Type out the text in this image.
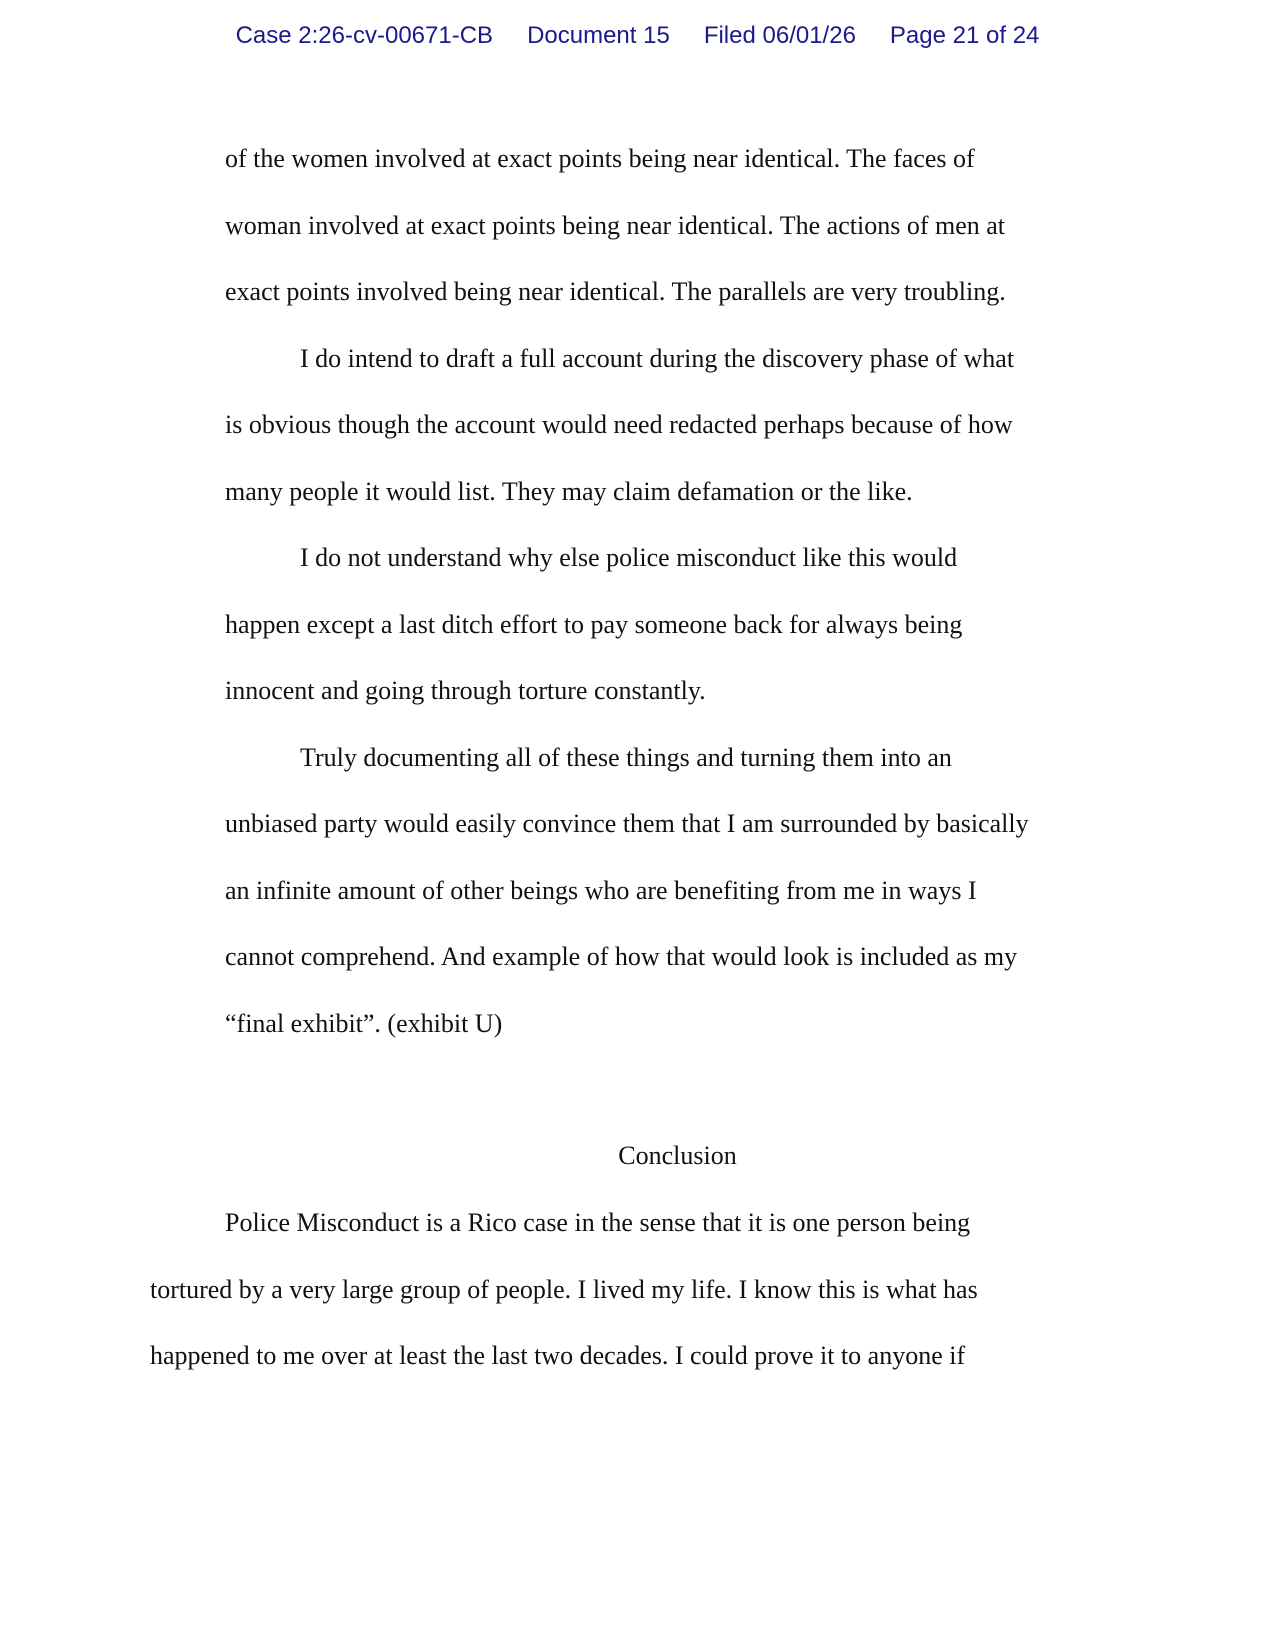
Case 2:26-cv-00671-CB Document 15 Filed 06/01/26 Page 21 of 24
of the women involved at exact points being near identical. The faces of
woman involved at exact points being near identical. The actions of men at
exact points involved being near identical. The parallels are very troubling.
I do intend to draft a full account during the discovery phase of what
is obvious though the account would need redacted perhaps because of how
many people it would list. They may claim defamation or the like.
I do not understand why else police misconduct like this would
happen except a last ditch effort to pay someone back for always being
innocent and going through torture constantly.
Truly documenting all of these things and turning them into an
unbiased party would easily convince them that I am surrounded by basically
an infinite amount of other beings who are benefiting from me in ways I
cannot comprehend. And example of how that would look is included as my
“final exhibit”. (exhibit U)
Conclusion
Police Misconduct is a Rico case in the sense that it is one person being
tortured by a very large group of people. I lived my life. I know this is what has
happened to me over at least the last two decades. I could prove it to anyone if
